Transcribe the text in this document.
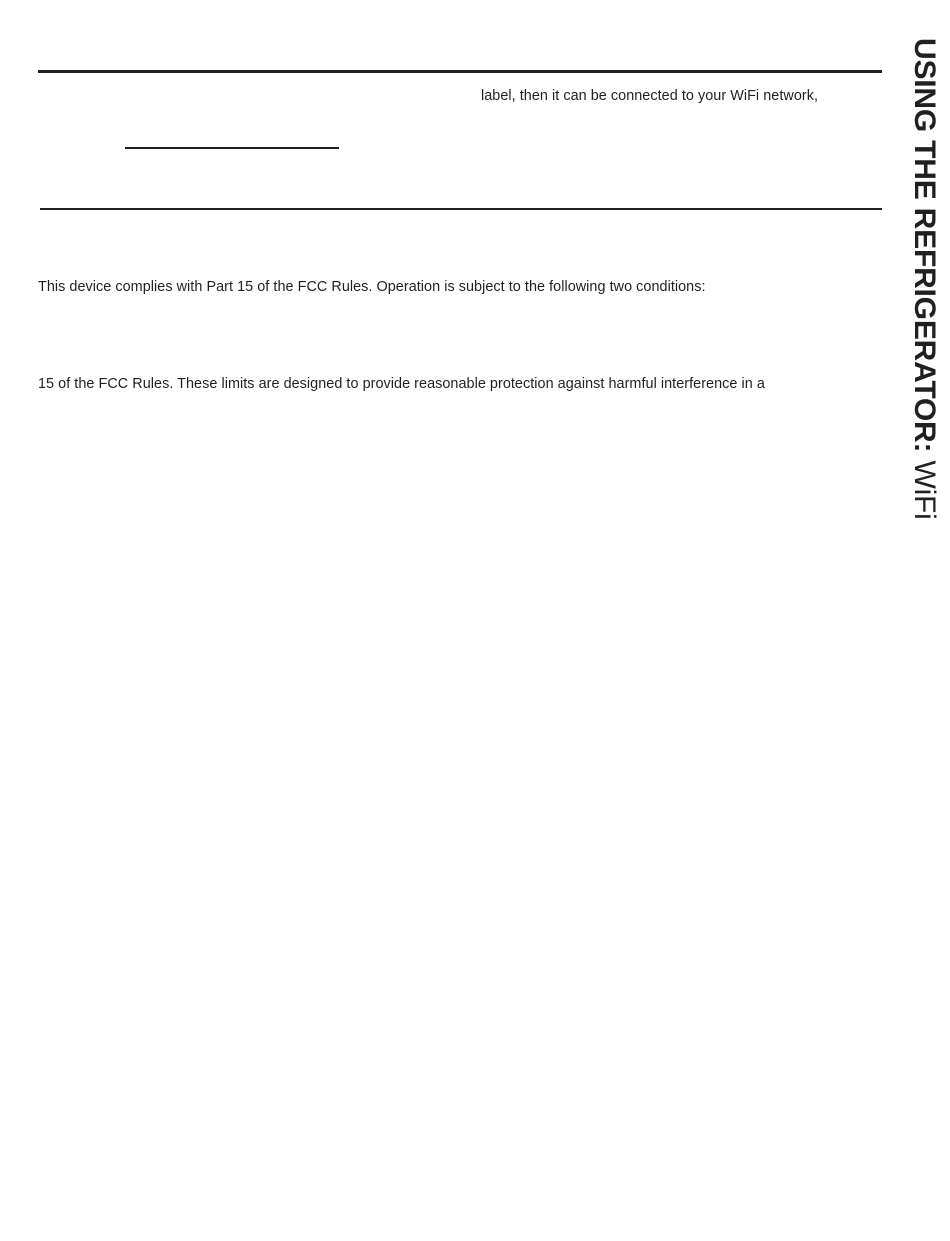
label, then it can be connected to your WiFi network,
This device complies with Part 15 of the FCC Rules. Operation is subject to the following two conditions:
15 of the FCC Rules. These limits are designed to provide reasonable protection against harmful interference in a	USING THE REFRIGERATOR: WiFi
